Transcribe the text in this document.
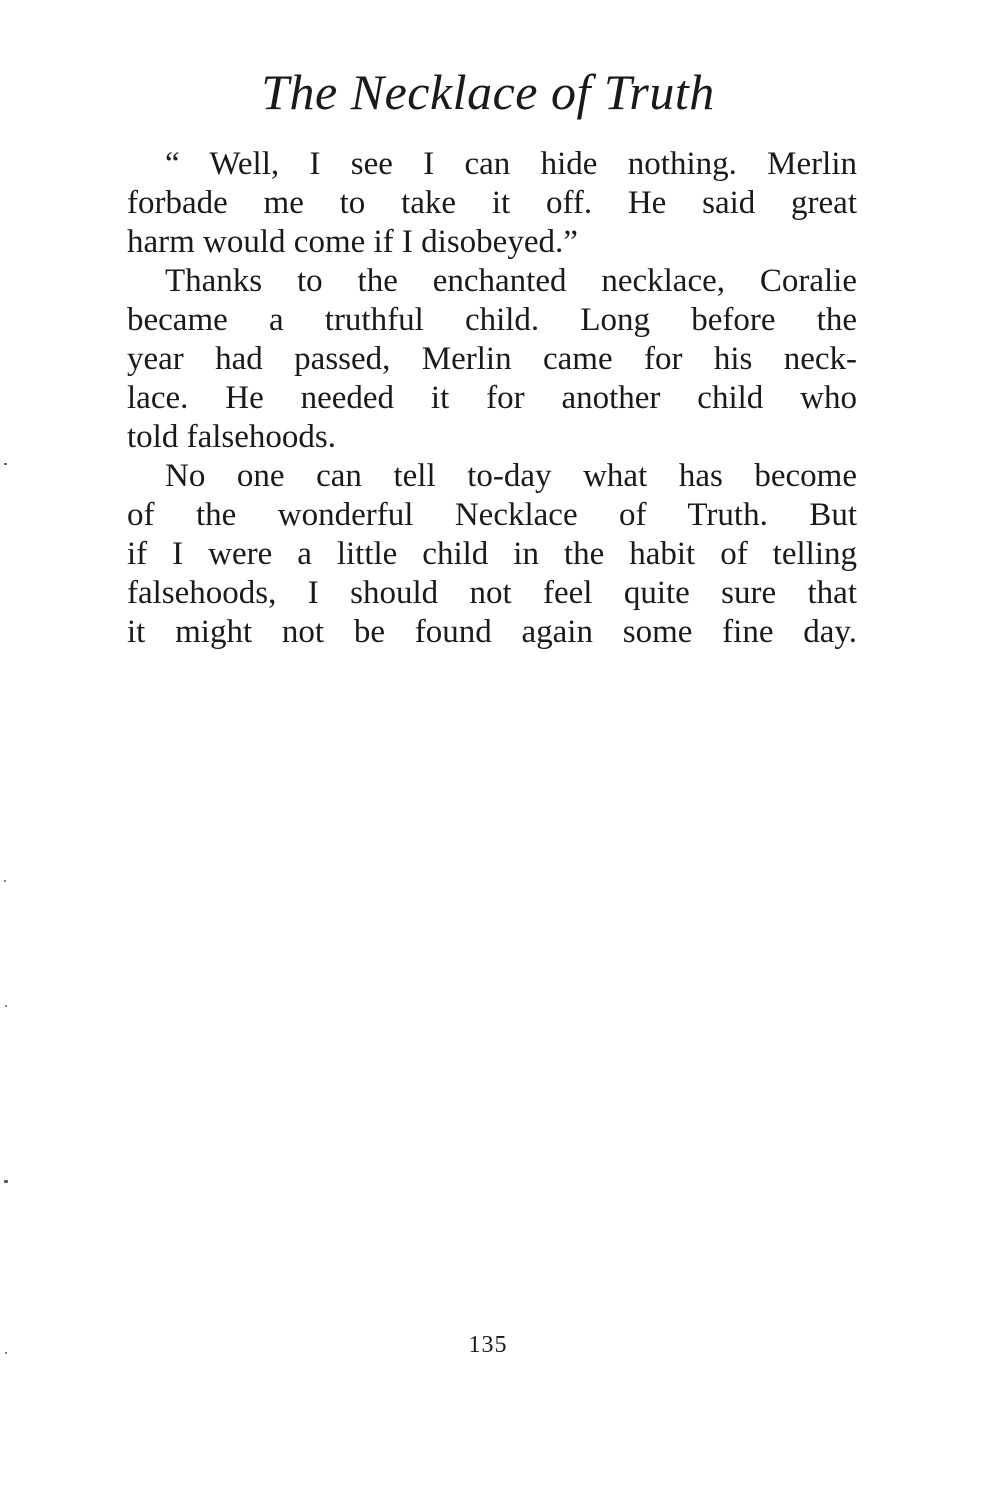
The Necklace of Truth
“ Well, I see I can hide nothing. Merlin
forbade me to take it off. He said great
harm would come if I disobeyed.”
Thanks to the enchanted necklace, Coralie
became a truthful child. Long before the
year had passed, Merlin came for his neck-
lace. He needed it for another child who
told falsehoods.
No one can tell to-day what has become
of the wonderful Necklace of Truth. But
if I were a little child in the habit of telling
falsehoods, I should not feel quite sure that
it might not be found again some fine day.
135
